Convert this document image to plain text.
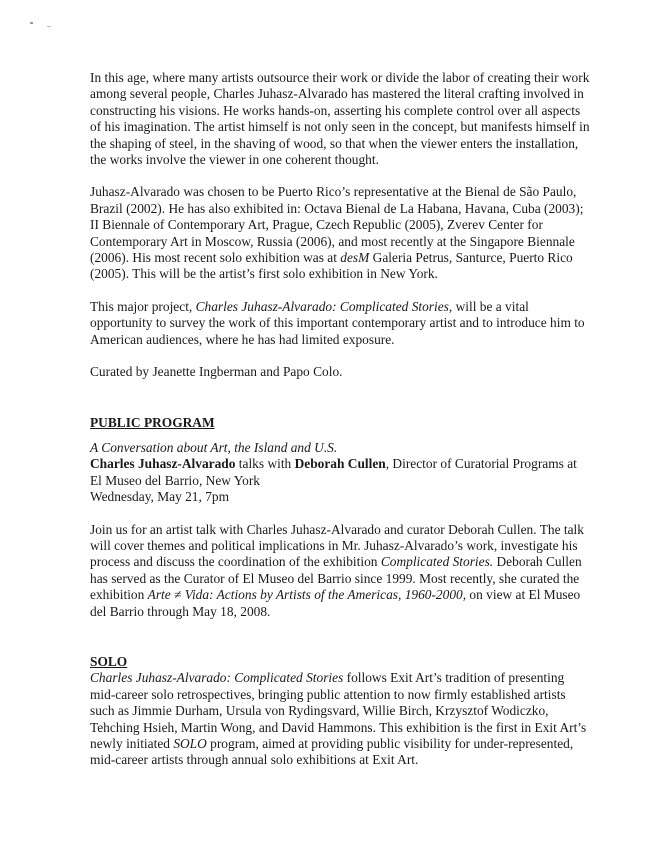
In this age, where many artists outsource their work or divide the labor of creating their work among several people, Charles Juhasz-Alvarado has mastered the literal crafting involved in constructing his visions. He works hands-on, asserting his complete control over all aspects of his imagination. The artist himself is not only seen in the concept, but manifests himself in the shaping of steel, in the shaving of wood, so that when the viewer enters the installation, the works involve the viewer in one coherent thought.

Juhasz-Alvarado was chosen to be Puerto Rico’s representative at the Bienal de São Paulo, Brazil (2002). He has also exhibited in: Octava Bienal de La Habana, Havana, Cuba (2003); II Biennale of Contemporary Art, Prague, Czech Republic (2005), Zverev Center for Contemporary Art in Moscow, Russia (2006), and most recently at the Singapore Biennale (2006). His most recent solo exhibition was at desM Galeria Petrus, Santurce, Puerto Rico (2005). This will be the artist’s first solo exhibition in New York.

This major project, Charles Juhasz-Alvarado: Complicated Stories, will be a vital opportunity to survey the work of this important contemporary artist and to introduce him to American audiences, where he has had limited exposure.

Curated by Jeanette Ingberman and Papo Colo.

PUBLIC PROGRAM

A Conversation about Art, the Island and U.S.

Charles Juhasz-Alvarado talks with Deborah Cullen, Director of Curatorial Programs at El Museo del Barrio, New York

Wednesday, May 21, 7pm

Join us for an artist talk with Charles Juhasz-Alvarado and curator Deborah Cullen. The talk will cover themes and political implications in Mr. Juhasz-Alvarado’s work, investigate his process and discuss the coordination of the exhibition Complicated Stories. Deborah Cullen has served as the Curator of El Museo del Barrio since 1999. Most recently, she curated the exhibition Arte ≠ Vida: Actions by Artists of the Americas, 1960-2000, on view at El Museo del Barrio through May 18, 2008.

SOLO

Charles Juhasz-Alvarado: Complicated Stories follows Exit Art’s tradition of presenting mid-career solo retrospectives, bringing public attention to now firmly established artists such as Jimmie Durham, Ursula von Rydingsvard, Willie Birch, Krzysztof Wodiczko, Tehching Hsieh, Martin Wong, and David Hammons. This exhibition is the first in Exit Art’s newly initiated SOLO program, aimed at providing public visibility for under-represented, mid-career artists through annual solo exhibitions at Exit Art.
